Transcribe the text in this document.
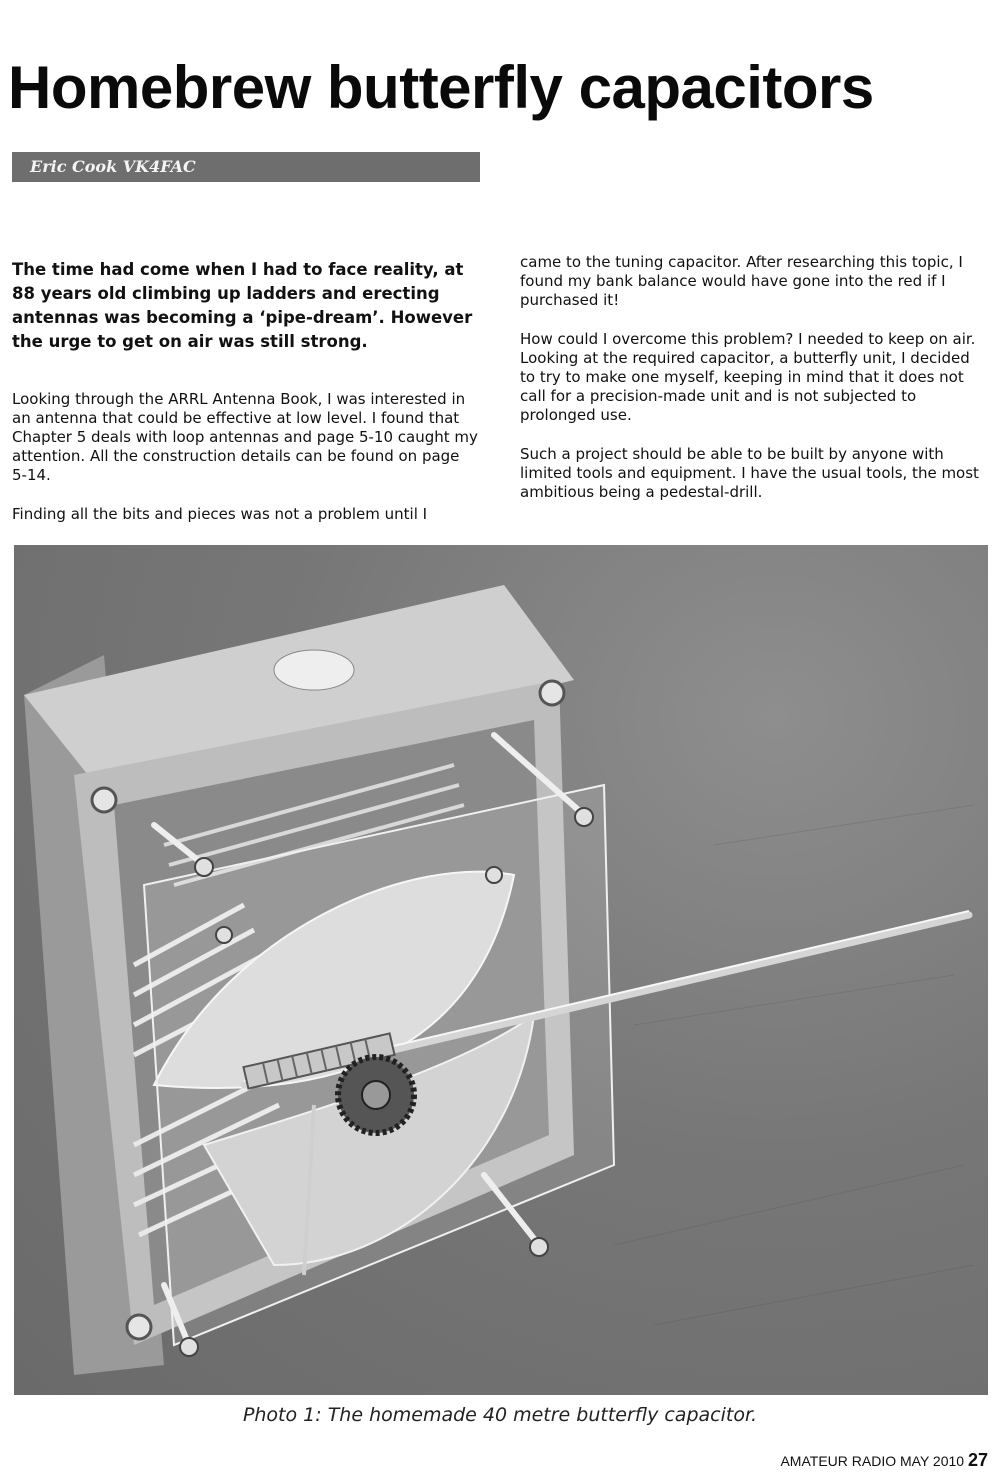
Homebrew butterfly capacitors
Eric Cook VK4FAC
The time had come when I had to face reality, at 88 years old climbing up ladders and erecting antennas was becoming a ‘pipe-dream’. However the urge to get on air was still strong.

Looking through the ARRL Antenna Book, I was interested in an antenna that could be effective at low level. I found that Chapter 5 deals with loop antennas and page 5-10 caught my attention. All the construction details can be found on page 5-14.

Finding all the bits and pieces was not a problem until I

came to the tuning capacitor. After researching this topic, I found my bank balance would have gone into the red if I purchased it!

How could I overcome this problem? I needed to keep on air. Looking at the required capacitor, a butterfly unit, I decided to try to make one myself, keeping in mind that it does not call for a precision-made unit and is not subjected to prolonged use.

Such a project should be able to be built by anyone with limited tools and equipment. I have the usual tools, the most ambitious being a pedestal-drill.

Photo 1: The homemade 40 metre butterfly capacitor.
AMATEUR RADIO MAY 2010 27
